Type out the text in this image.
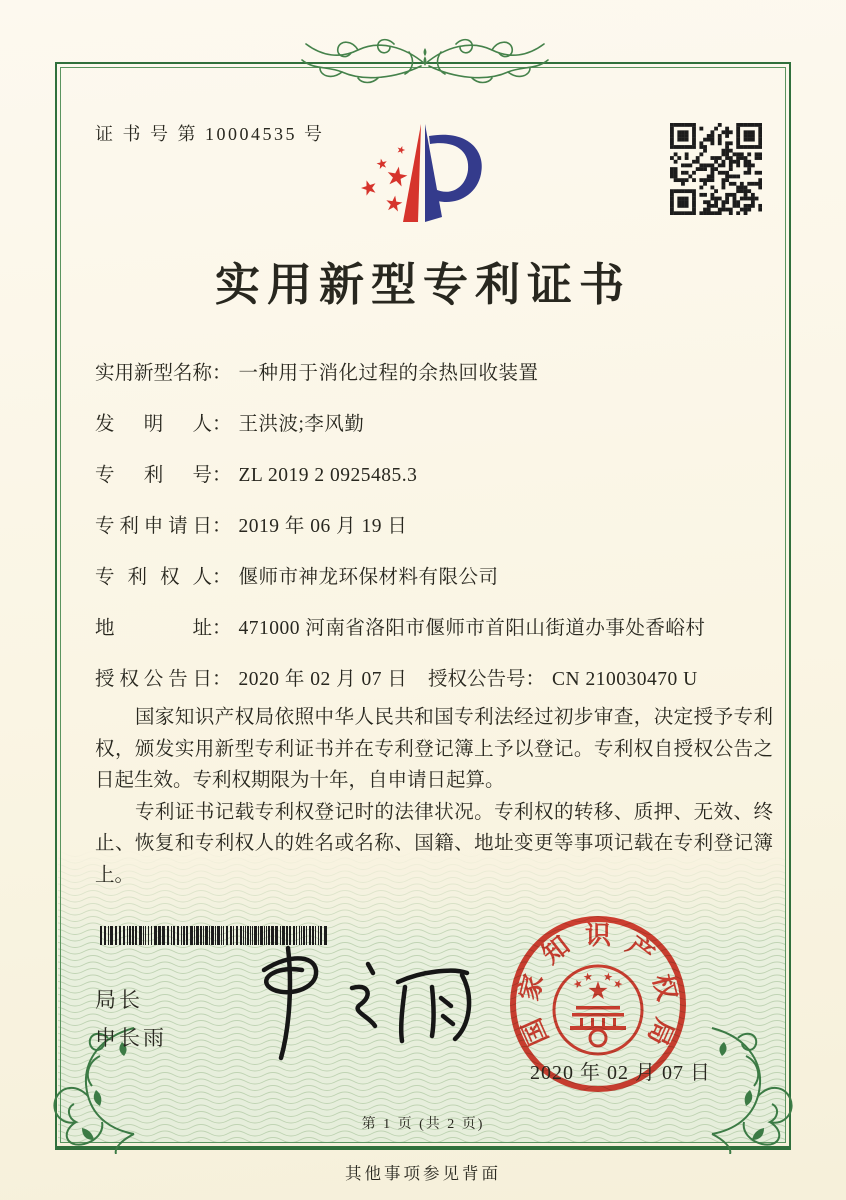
证 书 号 第 10004535 号
实用新型专利证书
实用新型名称 ： 一种用于消化过程的余热回收装置
发明人 ： 王洪波;李风勤
专利号 ： ZL 2019 2 0925485.3
专利申请日 ： 2019 年 06 月 19 日
专利权人 ： 偃师市神龙环保材料有限公司
地址 ： 471000 河南省洛阳市偃师市首阳山街道办事处香峪村
授权公告日 ： 2020 年 02 月 07 日 授权公告号 ： CN 210030470 U

国家知识产权局依照中华人民共和国专利法经过初步审查，决定授予专利权，颁发实用新型专利证书并在专利登记簿上予以登记。专利权自授权公告之日起生效。专利权期限为十年，自申请日起算。

专利证书记载专利权登记时的法律状况。专利权的转移、质押、无效、终止、恢复和专利权人的姓名或名称、国籍、地址变更等事项记载在专利登记簿上。

局长
申长雨	国
家
知 识 产
权
局
2020 年 02 月 07 日
第 1 页 (共 2 页)
其他事项参见背面
